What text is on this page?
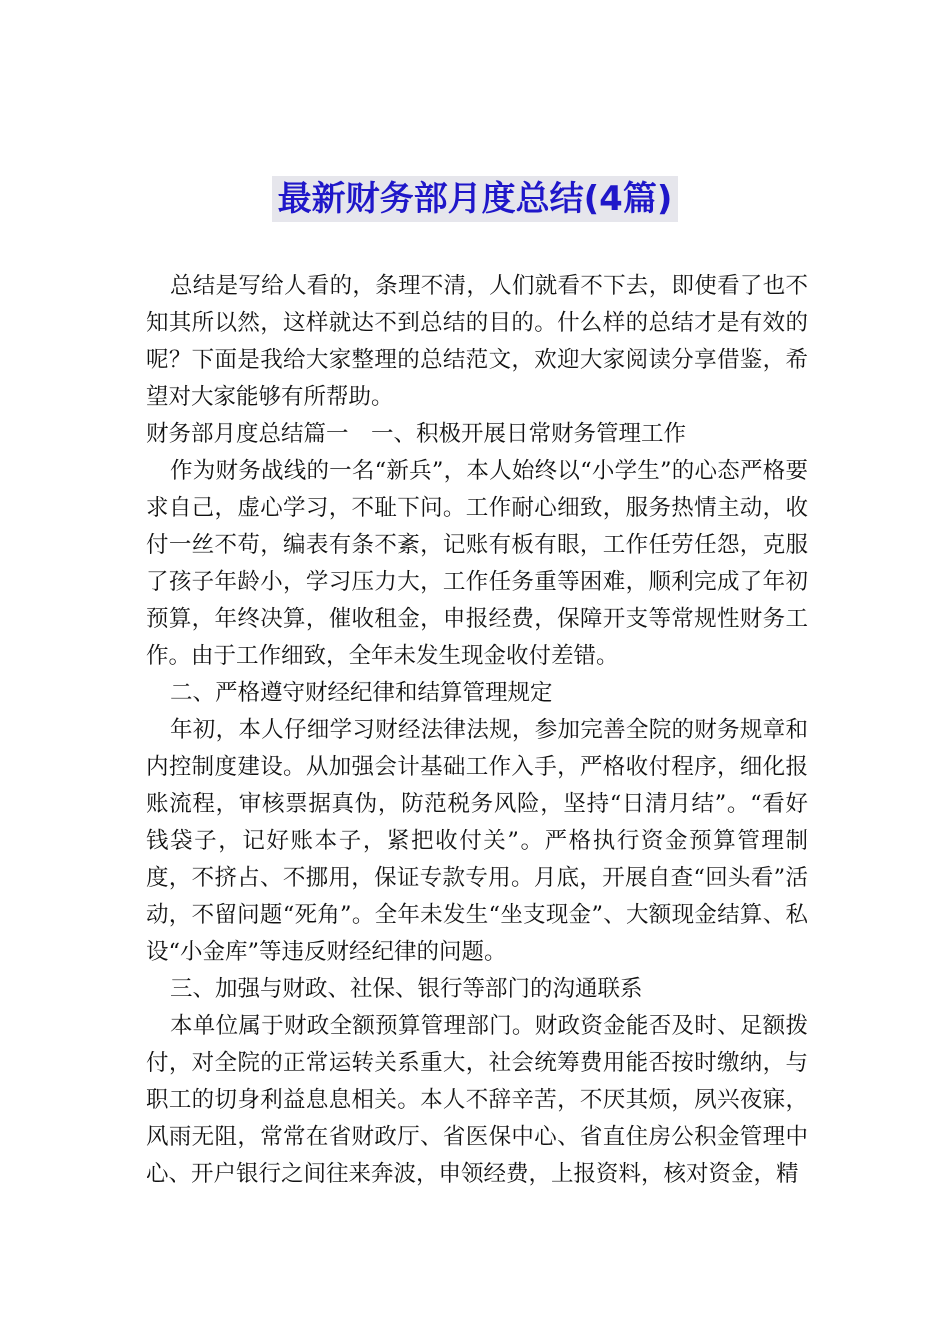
最新财务部月度总结(4篇)

总结是写给人看的，条理不清，人们就看不下去，即使看了也不知其所以然，这样就达不到总结的目的。什么样的总结才是有效的呢？下面是我给大家整理的总结范文，欢迎大家阅读分享借鉴，希望对大家能够有所帮助。

财务部月度总结篇一　一、积极开展日常财务管理工作

作为财务战线的一名“新兵”，本人始终以“小学生”的心态严格要求自己，虚心学习，不耻下问。工作耐心细致，服务热情主动，收付一丝不苟，编表有条不紊，记账有板有眼，工作任劳任怨，克服了孩子年龄小，学习压力大，工作任务重等困难，顺利完成了年初预算，年终决算，催收租金，申报经费，保障开支等常规性财务工作。由于工作细致，全年未发生现金收付差错。

二、严格遵守财经纪律和结算管理规定

年初，本人仔细学习财经法律法规，参加完善全院的财务规章和内控制度建设。从加强会计基础工作入手，严格收付程序，细化报账流程，审核票据真伪，防范税务风险，坚持“日清月结”。“看好钱袋子，记好账本子，紧把收付关”。严格执行资金预算管理制度，不挤占、不挪用，保证专款专用。月底，开展自查“回头看”活动，不留问题“死角”。全年未发生“坐支现金”、大额现金结算、私设“小金库”等违反财经纪律的问题。

三、加强与财政、社保、银行等部门的沟通联系

本单位属于财政全额预算管理部门。财政资金能否及时、足额拨付，对全院的正常运转关系重大，社会统筹费用能否按时缴纳，与职工的切身利益息息相关。本人不辞辛苦，不厌其烦，夙兴夜寐，风雨无阻，常常在省财政厅、省医保中心、省直住房公积金管理中心、开户银行之间往来奔波，申领经费，上报资料，核对资金，精
